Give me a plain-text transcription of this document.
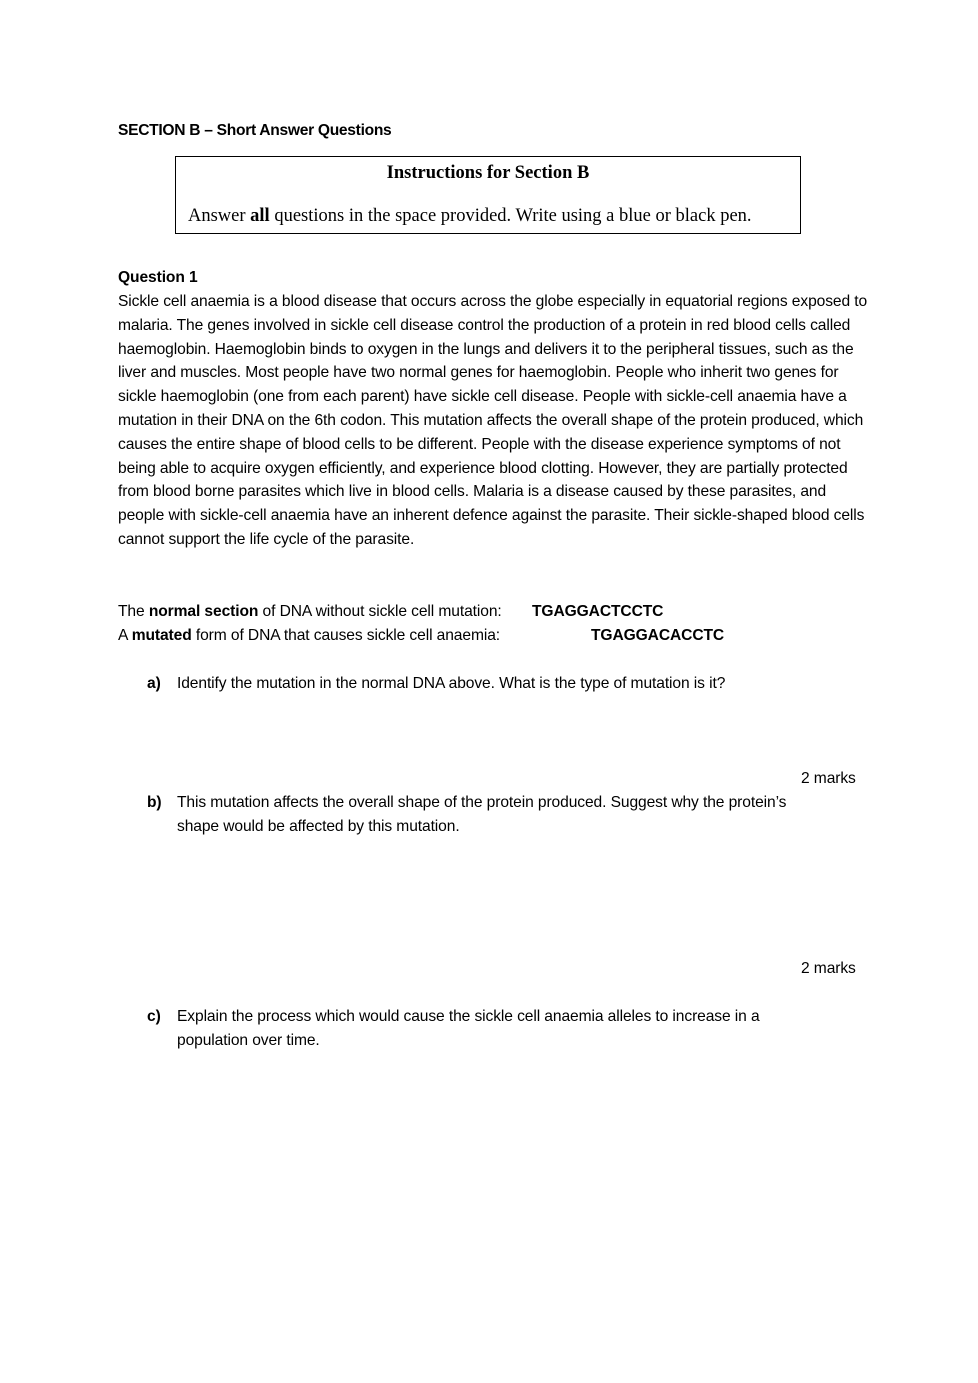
SECTION B – Short Answer Questions
Instructions for Section B
Answer all questions in the space provided. Write using a blue or black pen.
Question 1
Sickle cell anaemia is a blood disease that occurs across the globe especially in equatorial regions exposed to malaria. The genes involved in sickle cell disease control the production of a protein in red blood cells called haemoglobin. Haemoglobin binds to oxygen in the lungs and delivers it to the peripheral tissues, such as the liver and muscles. Most people have two normal genes for haemoglobin. People who inherit two genes for sickle haemoglobin (one from each parent) have sickle cell disease. People with sickle-cell anaemia have a mutation in their DNA on the 6th codon. This mutation affects the overall shape of the protein produced, which causes the entire shape of blood cells to be different. People with the disease experience symptoms of not being able to acquire oxygen efficiently, and experience blood clotting. However, they are partially protected from blood borne parasites which live in blood cells. Malaria is a disease caused by these parasites, and people with sickle-cell anaemia have an inherent defence against the parasite. Their sickle-shaped blood cells cannot support the life cycle of the parasite.
The normal section of DNA without sickle cell mutation: TGAGGACTCCTC
A mutated form of DNA that causes sickle cell anaemia:	TGAGGACACCTC
a) Identify the mutation in the normal DNA above. What is the type of mutation is it?
2 marks
b) This mutation affects the overall shape of the protein produced. Suggest why the protein’s shape would be affected by this mutation.
2 marks
c) Explain the process which would cause the sickle cell anaemia alleles to increase in a population over time.
